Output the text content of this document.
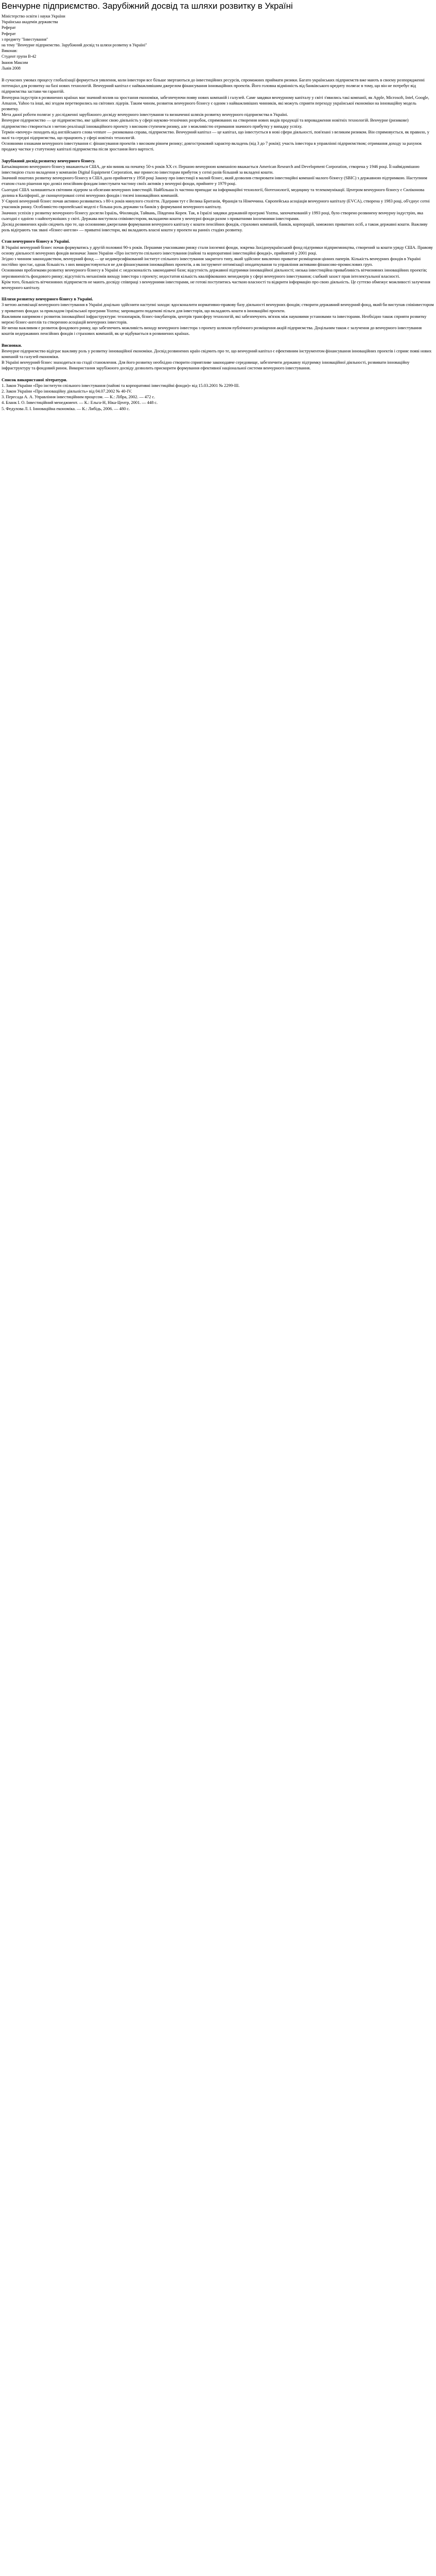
Венчурне підприємство. Зарубіжний досвід та шляхи розвитку в Україні

Міністерство освіти і науки України

Українська академія державства

Реферат

Реферат

з предмету "Інвестування"

на тему "Венчурне підприємство. Зарубіжний досвід та шляхи розвитку в Україні"

Виконав:

Студент групи В-42

Іванов Максим

Львів 2008

В сучасних умовах процесу глобалізації формується уявлення, коли інвестори все більше звертаються до інвестиційних ресурсів, спроможних приймати ризики. Багато українських підприємств вже мають в своєму розпорядженні потенціал для розвитку на базі нових технологій. Венчурний капітал є найважливішим джерелом фінансування інноваційних проектів. Його головна відмінність від банківського кредиту полягає в тому, що він не потребує від підприємства застави чи гарантій.

Венчурна індустрія в розвинених країнах має значний вплив на зростання економіки, забезпечуючи появу нових компаній і галузей. Саме завдяки венчурному капіталу у світі з'явились такі компанії, як Apple, Microsoft, Intel, Google, Amazon, Yahoo та інші, які згодом перетворились на світових лідерів. Таким чином, розвиток венчурного бізнесу є одним з найважливіших чинників, які можуть сприяти переходу української економіки на інноваційну модель розвитку.

Мета даної роботи полягає у дослідженні зарубіжного досвіду венчурного інвестування та визначенні шляхів розвитку венчурного підприємства в Україні.

Венчурне підприємство — це підприємство, яке здійснює свою діяльність у сфері науково-технічних розробок, спрямованих на створення нових видів продукції та впровадження новітніх технологій. Венчурне (ризикове) підприємство створюється з метою реалізації інноваційного проекту з високим ступенем ризику, але з можливістю отримання значного прибутку у випадку успіху.

Термін «венчур» походить від англійського слова venture — ризикована справа, підприємство. Венчурний капітал — це капітал, що інвестується в нові сфери діяльності, пов'язані з великим ризиком. Він спрямовується, як правило, у малі та середні підприємства, що працюють у сфері новітніх технологій.

Основними ознаками венчурного інвестування є: фінансування проектів з високим рівнем ризику; довгостроковий характер вкладень (від 3 до 7 років); участь інвестора в управлінні підприємством; отримання доходу за рахунок продажу частки у статутному капіталі підприємства після зростання його вартості.

Зарубіжний досвід розвитку венчурного бізнесу.

Батьківщиною венчурного бізнесу вважаються США, де він виник на початку 50-х років XX ст. Першою венчурною компанією вважається American Research and Development Corporation, створена у 1946 році. Її найвідомішою інвестицією стало вкладення у компанію Digital Equipment Corporation, яке принесло інвесторам прибуток у сотні разів більший за вкладені кошти.

Значний поштовх розвитку венчурного бізнесу в США дало прийняття у 1958 році Закону про інвестиції в малий бізнес, який дозволив створювати інвестиційні компанії малого бізнесу (SBIC) з державною підтримкою. Наступним етапом стало рішення про дозвіл пенсійним фондам інвестувати частину своїх активів у венчурні фонди, прийняте у 1979 році.

Сьогодні США залишаються світовим лідером за обсягами венчурних інвестицій. Найбільша їх частина припадає на інформаційні технології, біотехнології, медицину та телекомунікації. Центром венчурного бізнесу є Силіконова долина в Каліфорнії, де сконцентровані сотні венчурних фондів і тисячі інноваційних компаній.

У Європі венчурний бізнес почав активно розвиватись з 80-х років минулого століття. Лідерами тут є Велика Британія, Франція та Німеччина. Європейська асоціація венчурного капіталу (EVCA), створена у 1983 році, об'єднує сотні учасників ринку. Особливістю європейської моделі є більша роль держави та банків у формуванні венчурного капіталу.

Значних успіхів у розвитку венчурного бізнесу досягли Ізраїль, Фінляндія, Тайвань, Південна Корея. Так, в Ізраїлі завдяки державній програмі Yozma, започаткованій у 1993 році, було створено розвинену венчурну індустрію, яка сьогодні є однією з найпотужніших у світі. Держава виступила співінвестором, вкладаючи кошти у венчурні фонди разом з приватними іноземними інвесторами.

Досвід розвинених країн свідчить про те, що основними джерелами формування венчурного капіталу є кошти пенсійних фондів, страхових компаній, банків, корпорацій, заможних приватних осіб, а також державні кошти. Важливу роль відіграють так звані «бізнес-ангели» — приватні інвестори, які вкладають власні кошти у проекти на ранніх стадіях розвитку.

Стан венчурного бізнесу в Україні.

В Україні венчурний бізнес почав формуватись у другій половині 90-х років. Першими учасниками ринку стали іноземні фонди, зокрема Західноукраїнський фонд підтримки підприємництва, створений за кошти уряду США. Правову основу діяльності венчурних фондів визначає Закон України «Про інститути спільного інвестування (пайові та корпоративні інвестиційні фонди)», прийнятий у 2001 році.

Згідно з чинним законодавством, венчурний фонд — це недиверсифікований інститут спільного інвестування закритого типу, який здійснює виключно приватне розміщення цінних паперів. Кількість венчурних фондів в Україні постійно зростає, однак більшість з них використовуються не для фінансування інноваційних проектів, а як інструмент оптимізації оподаткування та управління активами фінансово-промислових груп.

Основними проблемами розвитку венчурного бізнесу в Україні є: недосконалість законодавчої бази; відсутність державної підтримки інноваційної діяльності; низька інвестиційна привабливість вітчизняних інноваційних проектів; нерозвиненість фондового ринку; відсутність механізмів виходу інвестора з проекту; недостатня кількість кваліфікованих менеджерів у сфері венчурного інвестування; слабкий захист прав інтелектуальної власності.

Крім того, більшість вітчизняних підприємств не мають досвіду співпраці з венчурними інвесторами, не готові поступитись часткою власності та відкрити інформацію про свою діяльність. Це суттєво обмежує можливості залучення венчурного капіталу.

Шляхи розвитку венчурного бізнесу в Україні.

З метою активізації венчурного інвестування в Україні доцільно здійснити наступні заходи: вдосконалити нормативно-правову базу діяльності венчурних фондів; створити державний венчурний фонд, який би виступав співінвестором у приватних фондах за прикладом ізраїльської програми Yozma; запровадити податкові пільги для інвесторів, що вкладають кошти в інноваційні проекти.

Важливим напрямом є розвиток інноваційної інфраструктури: технопарків, бізнес-інкубаторів, центрів трансферу технологій, які забезпечують зв'язок між науковими установами та інвесторами. Необхідно також сприяти розвитку мережі бізнес-ангелів та створенню асоціацій венчурних інвесторів.

Не менш важливим є розвиток фондового ринку, що забезпечить можливість виходу венчурного інвестора з проекту шляхом публічного розміщення акцій підприємства. Доцільним також є залучення до венчурного інвестування коштів недержавних пенсійних фондів і страхових компаній, як це відбувається в розвинених країнах.

Висновки.

Венчурне підприємство відіграє важливу роль у розвитку інноваційної економіки. Досвід розвинених країн свідчить про те, що венчурний капітал є ефективним інструментом фінансування інноваційних проектів і сприяє появі нових компаній та галузей економіки.

В Україні венчурний бізнес знаходиться на стадії становлення. Для його розвитку необхідно створити сприятливе законодавче середовище, забезпечити державну підтримку інноваційної діяльності, розвивати інноваційну інфраструктуру та фондовий ринок. Використання зарубіжного досвіду дозволить прискорити формування ефективної національної системи венчурного інвестування.

Список використаної літератури.

1. Закон України «Про інститути спільного інвестування (пайові та корпоративні інвестиційні фонди)» від 15.03.2001 № 2299-III.

2. Закон України «Про інноваційну діяльність» від 04.07.2002 № 40-IV.

3. Пересада А. А. Управління інвестиційним процесом. — К.: Лібра, 2002. — 472 с.

4. Бланк І. О. Інвестиційний менеджмент. — К.: Ельга-Н, Ніка-Центр, 2001. — 448 с.

5. Федулова Л. І. Інноваційна економіка. — К.: Либідь, 2006. — 480 с.
